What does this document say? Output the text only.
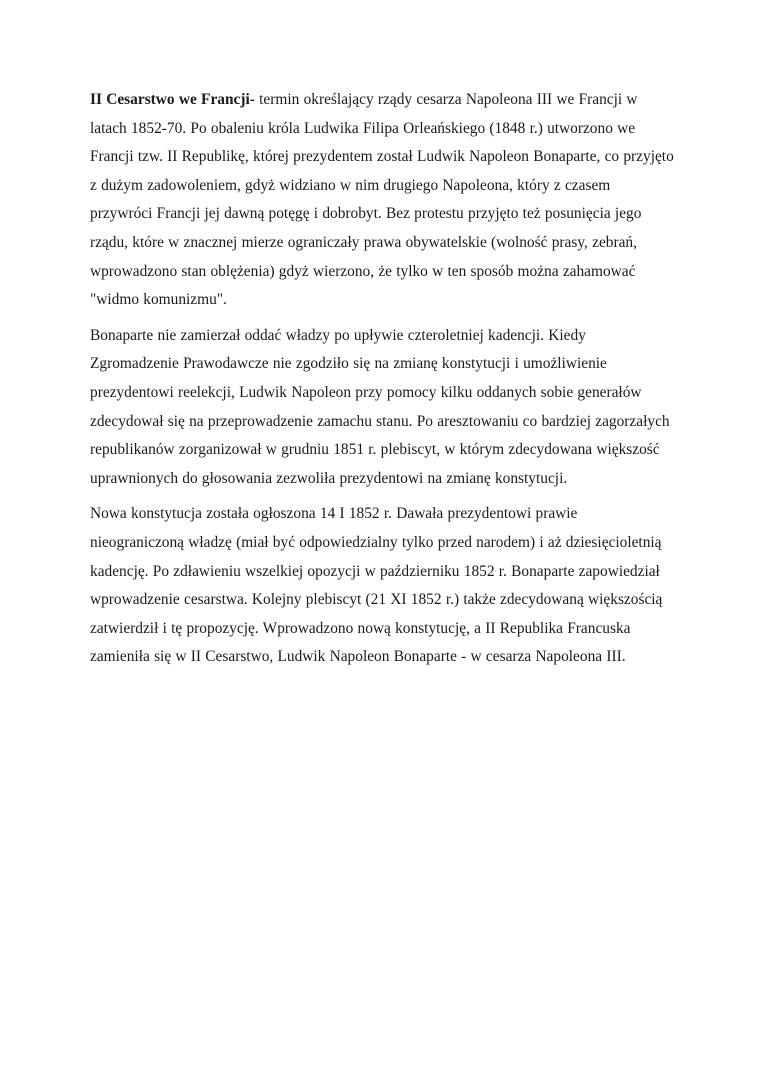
II Cesarstwo we Francji- termin określający rządy cesarza Napoleona III we Francji w latach 1852-70. Po obaleniu króla Ludwika Filipa Orleańskiego (1848 r.) utworzono we Francji tzw. II Republikę, której prezydentem został Ludwik Napoleon Bonaparte, co przyjęto z dużym zadowoleniem, gdyż widziano w nim drugiego Napoleona, który z czasem przywróci Francji jej dawną potęgę i dobrobyt. Bez protestu przyjęto też posunięcia jego rządu, które w znacznej mierze ograniczały prawa obywatelskie (wolność prasy, zebrań, wprowadzono stan oblężenia) gdyż wierzono, że tylko w ten sposób można zahamować "widmo komunizmu".

Bonaparte nie zamierzał oddać władzy po upływie czteroletniej kadencji. Kiedy Zgromadzenie Prawodawcze nie zgodziło się na zmianę konstytucji i umożliwienie prezydentowi reelekcji, Ludwik Napoleon przy pomocy kilku oddanych sobie generałów zdecydował się na przeprowadzenie zamachu stanu. Po aresztowaniu co bardziej zagorzałych republikanów zorganizował w grudniu 1851 r. plebiscyt, w którym zdecydowana większość uprawnionych do głosowania zezwoliła prezydentowi na zmianę konstytucji.

Nowa konstytucja została ogłoszona 14 I 1852 r. Dawała prezydentowi prawie nieograniczoną władzę (miał być odpowiedzialny tylko przed narodem) i aż dziesięcioletnią kadencję. Po zdławieniu wszelkiej opozycji w październiku 1852 r. Bonaparte zapowiedział wprowadzenie cesarstwa. Kolejny plebiscyt (21 XI 1852 r.) także zdecydowaną większością zatwierdził i tę propozycję. Wprowadzono nową konstytucję, a II Republika Francuska zamieniła się w II Cesarstwo, Ludwik Napoleon Bonaparte - w cesarza Napoleona III.
